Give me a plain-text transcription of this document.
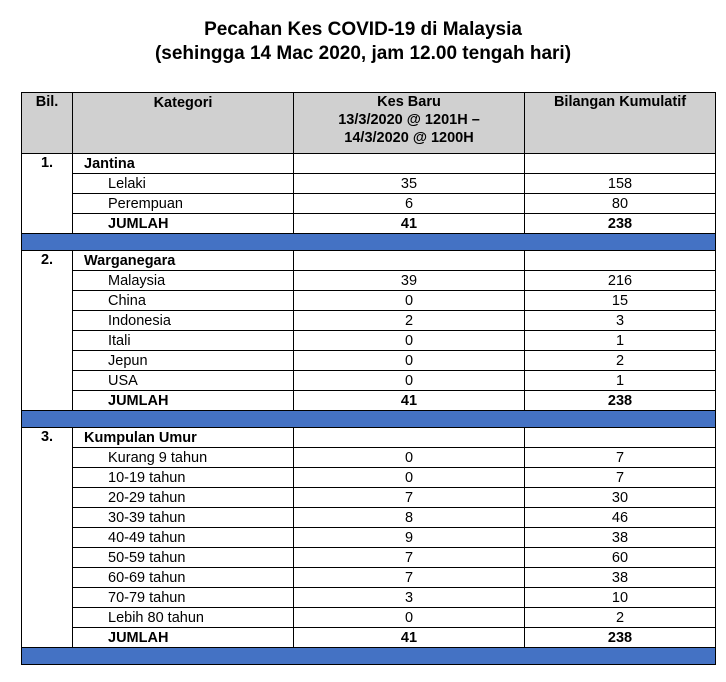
Pecahan Kes COVID-19 di Malaysia
(sehingga 14 Mac 2020, jam 12.00 tengah hari)
Bil.	Kategori	Kes Baru
13/3/2020 @ 1201H –
14/3/2020 @ 1200H	Bilangan Kumulatif
1.	Jantina		
	Lelaki	35	158
	Perempuan	6	80
	JUMLAH	41	238

2.	Warganegara		
	Malaysia	39	216
	China	0	15
	Indonesia	2	3
	Itali	0	1
	Jepun	0	2
	USA	0	1
	JUMLAH	41	238

3.	Kumpulan Umur		
	Kurang 9 tahun	0	7
	10-19 tahun	0	7
	20-29 tahun	7	30
	30-39 tahun	8	46
	40-49 tahun	9	38
	50-59 tahun	7	60
	60-69 tahun	7	38
	70-79 tahun	3	10
	Lebih 80 tahun	0	2
	JUMLAH	41	238
